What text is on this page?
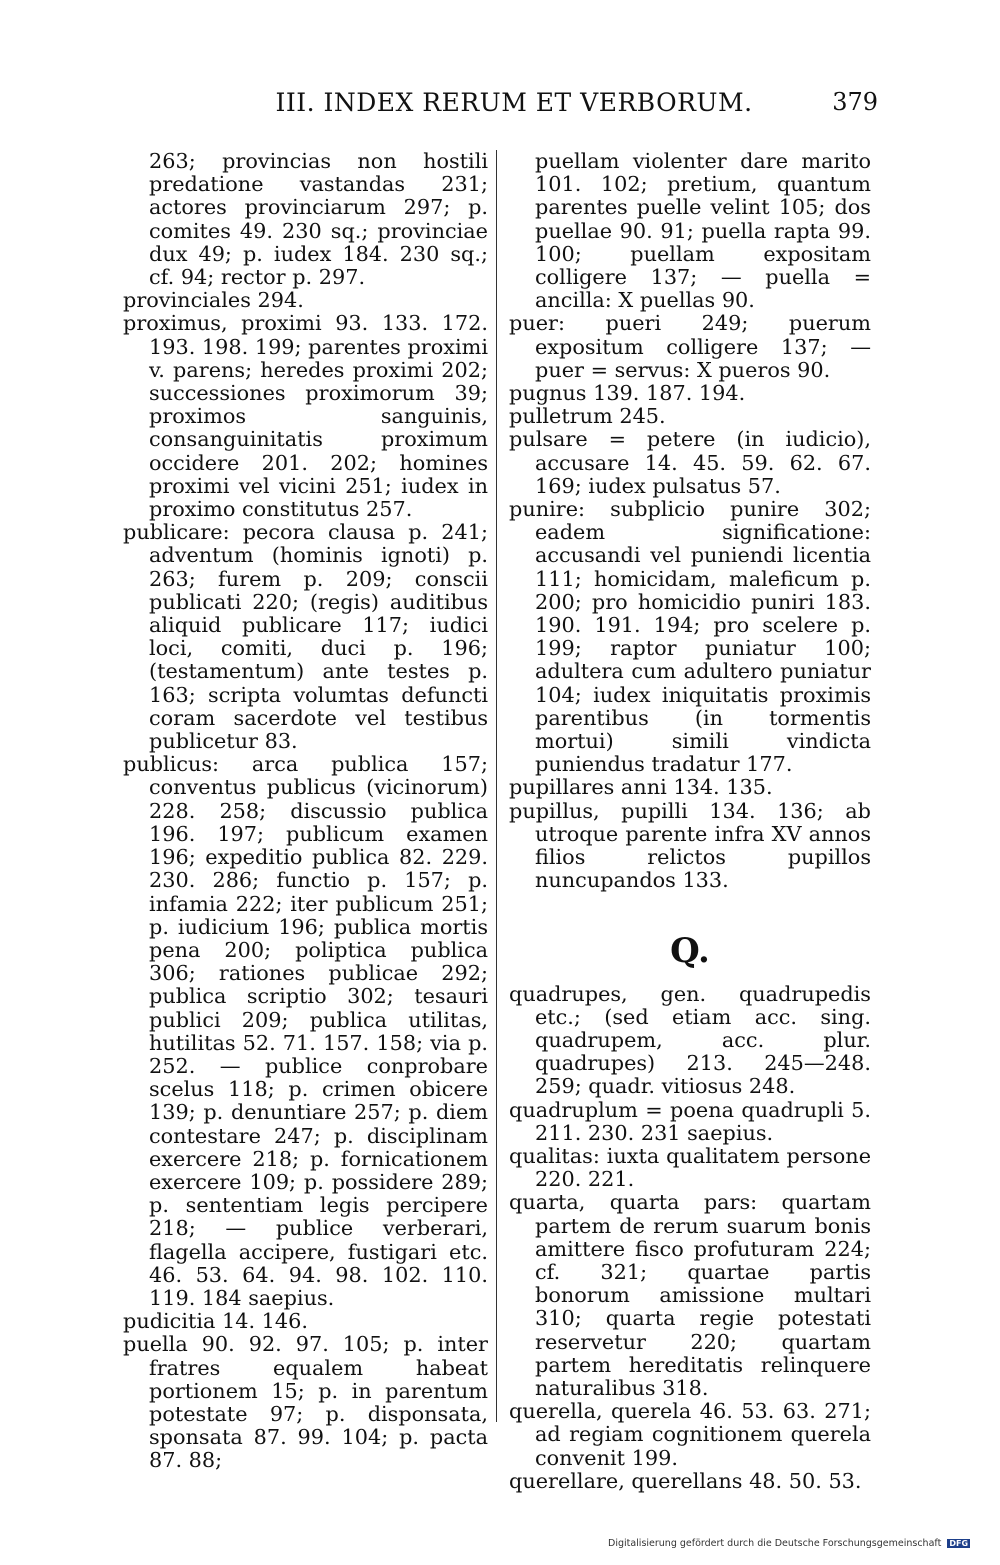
III. INDEX RERUM ET VERBORUM.	379

263; provincias non hostili predatione vastandas 231; actores provinciarum 297; p. comites 49. 230 sq.; provinciae dux 49; p. iudex 184. 230 sq.; cf. 94; rector p. 297.

provinciales 294.

proximus, proximi 93. 133. 172. 193. 198. 199; parentes proximi v. parens; heredes proximi 202; successiones proximorum 39; proximos sanguinis, consanguinitatis proximum occidere 201. 202; homines proximi vel vicini 251; iudex in proximo constitutus 257.

publicare: pecora clausa p. 241; adventum (hominis ignoti) p. 263; furem p. 209; conscii publicati 220; (regis) auditibus aliquid publicare 117; iudici loci, comiti, duci p. 196; (testamentum) ante testes p. 163; scripta volumtas defuncti coram sacerdote vel testibus publicetur 83.

publicus: arca publica 157; conventus publicus (vicinorum) 228. 258; discussio publica 196. 197; publicum examen 196; expeditio publica 82. 229. 230. 286; functio p. 157; p. infamia 222; iter publicum 251; p. iudicium 196; publica mortis pena 200; poliptica publica 306; rationes publicae 292; publica scriptio 302; tesauri publici 209; publica utilitas, hutilitas 52. 71. 157. 158; via p. 252. — publice conprobare scelus 118; p. crimen obicere 139; p. denuntiare 257; p. diem contestare 247; p. disciplinam exercere 218; p. fornicationem exercere 109; p. possidere 289; p. sententiam legis percipere 218; — publice verberari, flagella accipere, fustigari etc. 46. 53. 64. 94. 98. 102. 110. 119. 184 saepius.

pudicitia 14. 146.

puella 90. 92. 97. 105; p. inter fratres equalem habeat portionem 15; p. in parentum potestate 97; p. disponsata, sponsata 87. 99. 104; p. pacta 87. 88;

puellam violenter dare marito 101. 102; pretium, quantum parentes puelle velint 105; dos puellae 90. 91; puella rapta 99. 100; puellam expositam colligere 137; — puella = ancilla: X puellas 90.

puer: pueri 249; puerum expositum colligere 137; — puer = servus: X pueros 90.

pugnus 139. 187. 194.

pulletrum 245.

pulsare = petere (in iudicio), accusare 14. 45. 59. 62. 67. 169; iudex pulsatus 57.

punire: subplicio punire 302; eadem significatione: accusandi vel puniendi licentia 111; homicidam, maleficum p. 200; pro homicidio puniri 183. 190. 191. 194; pro scelere p. 199; raptor puniatur 100; adultera cum adultero puniatur 104; iudex iniquitatis proximis parentibus (in tormentis mortui) simili vindicta puniendus tradatur 177.

pupillares anni 134. 135.

pupillus, pupilli 134. 136; ab utroque parente infra XV annos filios relictos pupillos nuncupandos 133.

Q.

quadrupes, gen. quadrupedis etc.; (sed etiam acc. sing. quadrupem, acc. plur. quadrupes) 213. 245—248. 259; quadr. vitiosus 248.

quadruplum = poena quadrupli 5. 211. 230. 231 saepius.

qualitas: iuxta qualitatem persone 220. 221.

quarta, quarta pars: quartam partem de rerum suarum bonis amittere fisco profuturam 224; cf. 321; quartae partis bonorum amissione multari 310; quarta regie potestati reservetur 220; quartam partem hereditatis relinquere naturalibus 318.

querella, querela 46. 53. 63. 271; ad regiam cognitionem querela convenit 199.

querellare, querellans 48. 50. 53.

Digitalisierung gefördert durch die Deutsche Forschungsgemeinschaft DFG
